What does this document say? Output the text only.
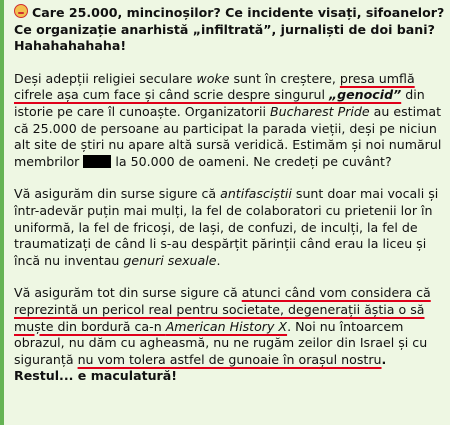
Care 25.000, mincinoșilor? Ce incidente visați, sifoanelor? Ce organizație anarhistă „infiltrată”, jurnaliști de doi bani? Hahahahahaha!

Deși adepții religiei seculare woke sunt în creștere, presa umflă cifrele așa cum face și când scrie despre singurul „genocid” din istorie pe care îl cunoaște. Organizatorii Bucharest Pride au estimat că 25.000 de persoane au participat la parada vieții, deși pe niciun alt site de știri nu apare altă sursă veridică. Estimăm și noi numărul membrilor  la 50.000 de oameni. Ne credeți pe cuvânt?

Vă asigurăm din surse sigure că antifasciștii sunt doar mai vocali și într-adevăr puțin mai mulți, la fel de colaboratori cu prietenii lor în uniformă, la fel de fricoși, de lași, de confuzi, de inculți, la fel de traumatizați de când li s-au despărțit părinții când erau la liceu și încă nu inventau genuri sexuale.

Vă asigurăm tot din surse sigure că atunci când vom considera că reprezintă un pericol real pentru societate, degenerații ăștia o să muște din bordură ca-n American History X. Noi nu întoarcem obrazul, nu dăm cu agheasmă, nu ne rugăm zeilor din Israel și cu siguranță nu vom tolera astfel de gunoaie în orașul nostru. Restul... e maculatură!
